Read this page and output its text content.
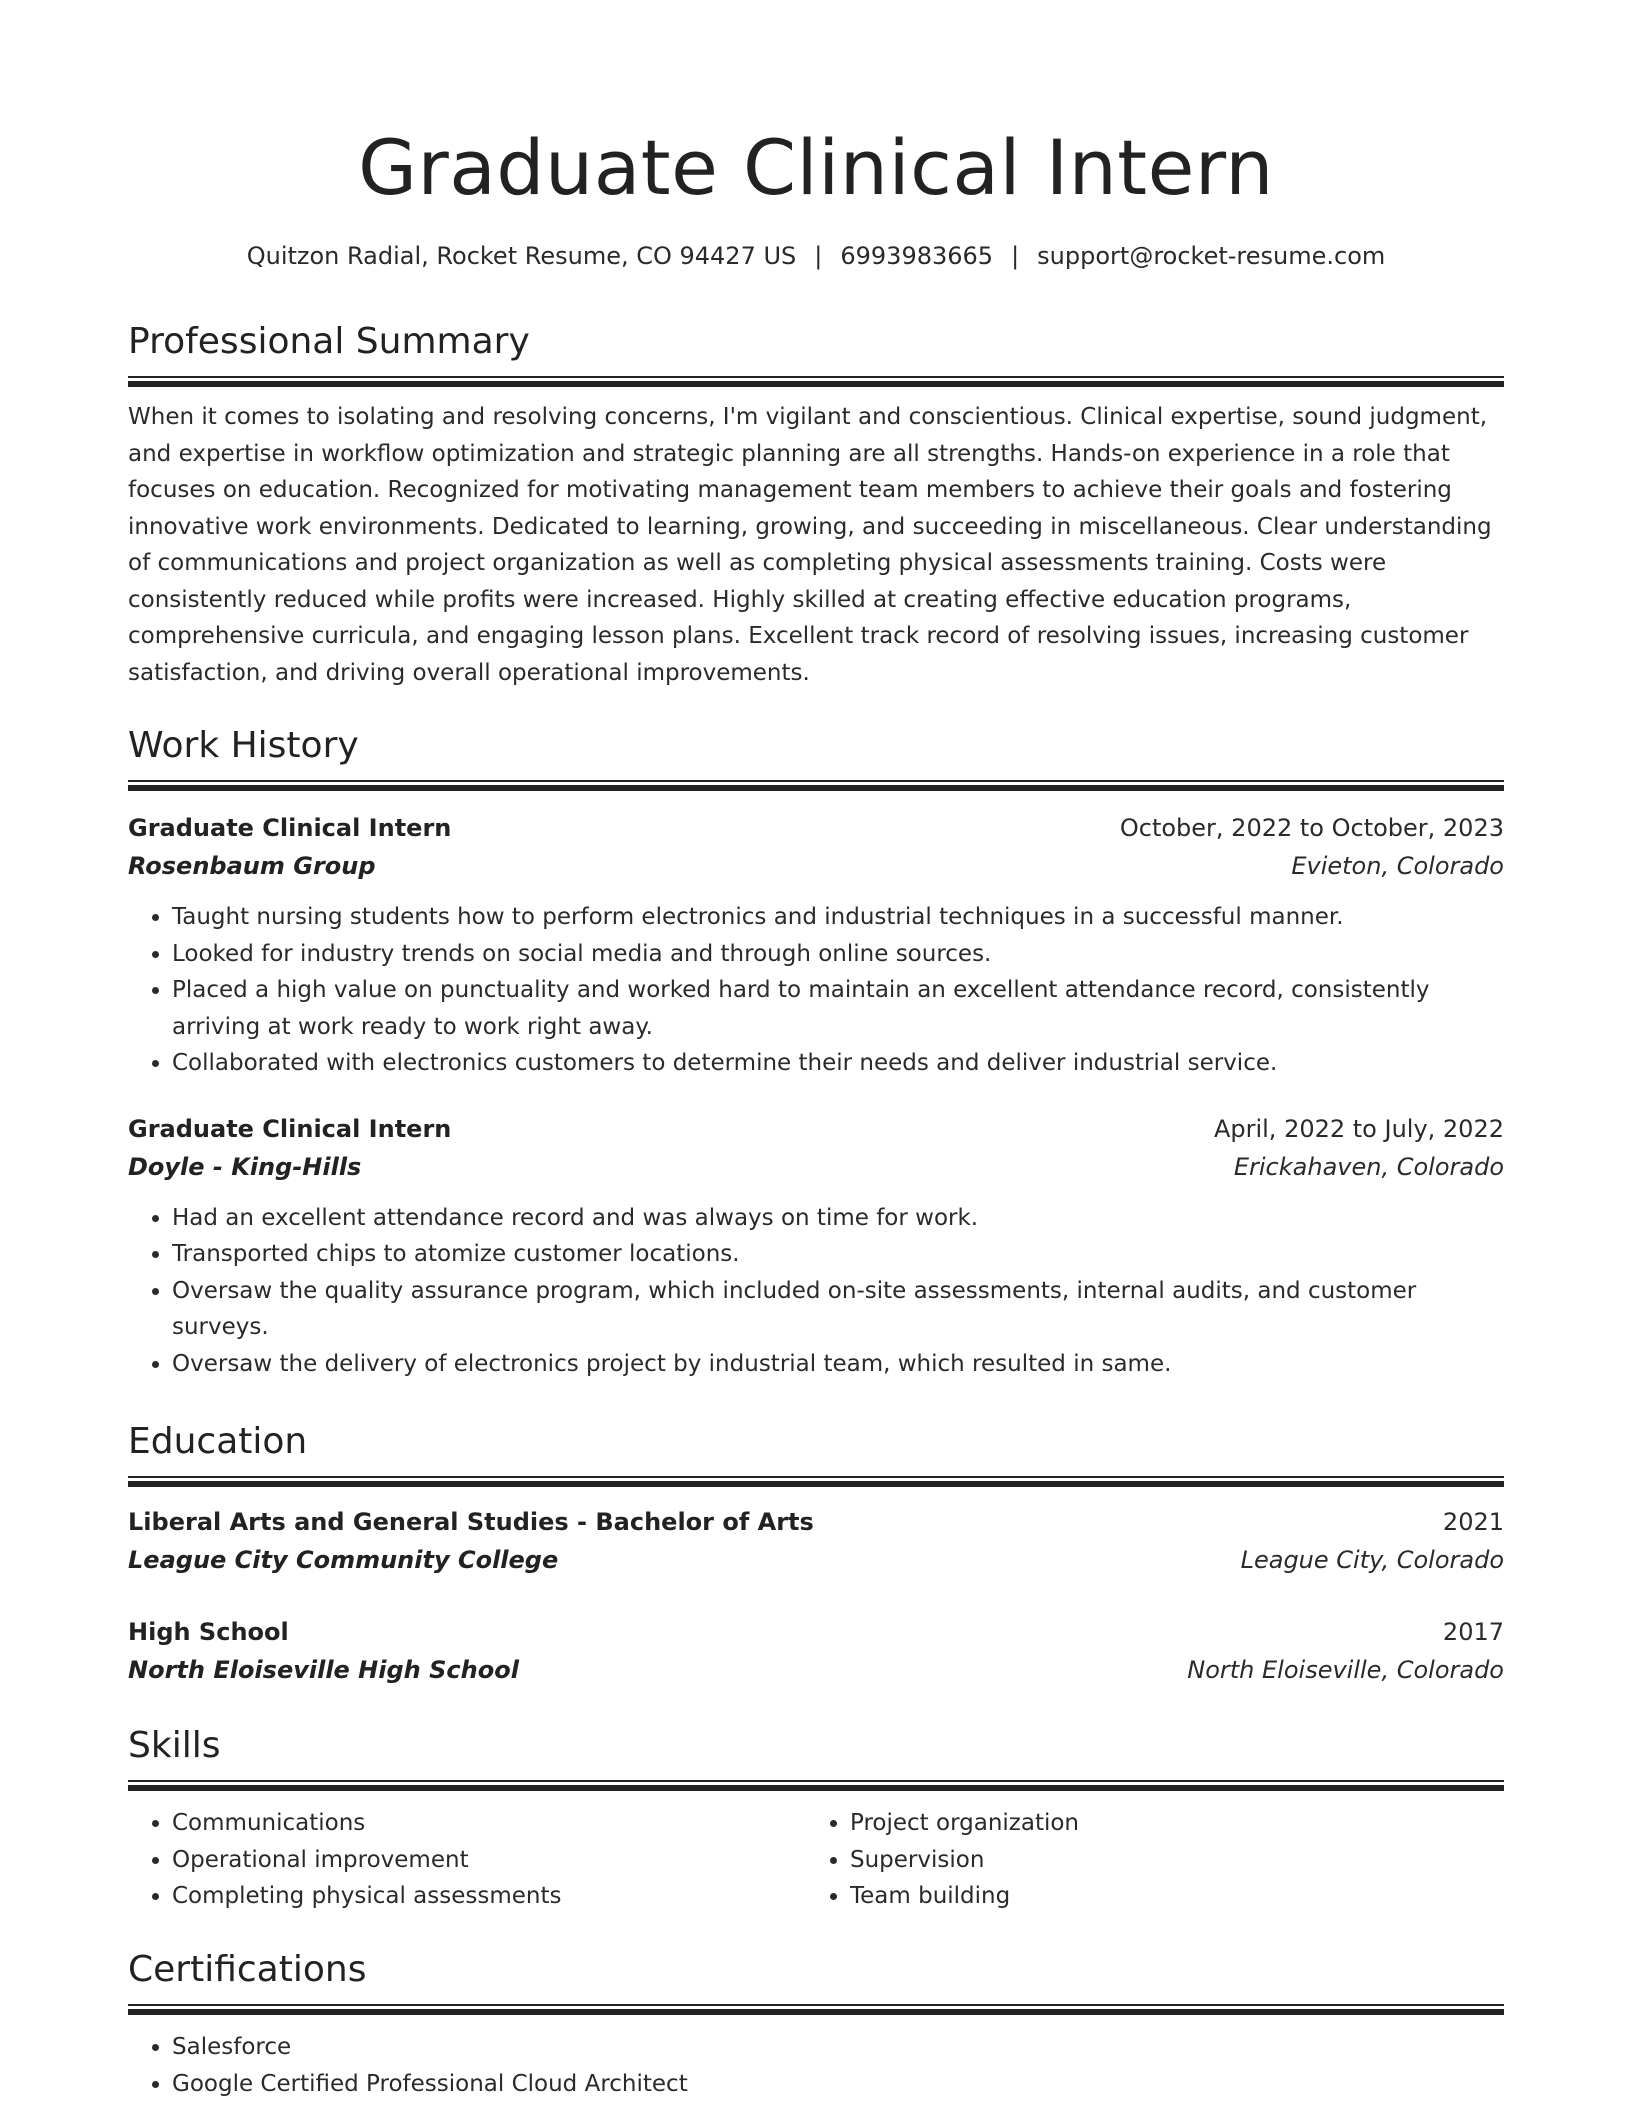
Graduate Clinical Intern
Quitzon Radial, Rocket Resume, CO 94427 US | 6993983665 | support@rocket-resume.com
Professional Summary
When it comes to isolating and resolving concerns, I'm vigilant and conscientious. Clinical expertise, sound judgment, and expertise in workflow optimization and strategic planning are all strengths. Hands-on experience in a role that focuses on education. Recognized for motivating management team members to achieve their goals and fostering innovative work environments. Dedicated to learning, growing, and succeeding in miscellaneous. Clear understanding of communications and project organization as well as completing physical assessments training. Costs were consistently reduced while profits were increased. Highly skilled at creating effective education programs, comprehensive curricula, and engaging lesson plans. Excellent track record of resolving issues, increasing customer satisfaction, and driving overall operational improvements.
Work History
Graduate Clinical Intern	October, 2022 to October, 2023
Rosenbaum Group	Evieton, Colorado
• Taught nursing students how to perform electronics and industrial techniques in a successful manner.
• Looked for industry trends on social media and through online sources.
• Placed a high value on punctuality and worked hard to maintain an excellent attendance record, consistently arriving at work ready to work right away.
• Collaborated with electronics customers to determine their needs and deliver industrial service.
Graduate Clinical Intern	April, 2022 to July, 2022
Doyle - King-Hills	Erickahaven, Colorado
• Had an excellent attendance record and was always on time for work.
• Transported chips to atomize customer locations.
• Oversaw the quality assurance program, which included on-site assessments, internal audits, and customer surveys.
• Oversaw the delivery of electronics project by industrial team, which resulted in same.
Education
Liberal Arts and General Studies - Bachelor of Arts	2021
League City Community College	League City, Colorado
High School	2017
North Eloiseville High School	North Eloiseville, Colorado
Skills
• Communications
• Operational improvement
• Completing physical assessments
• Project organization
• Supervision
• Team building
Certifications
• Salesforce
• Google Certified Professional Cloud Architect
